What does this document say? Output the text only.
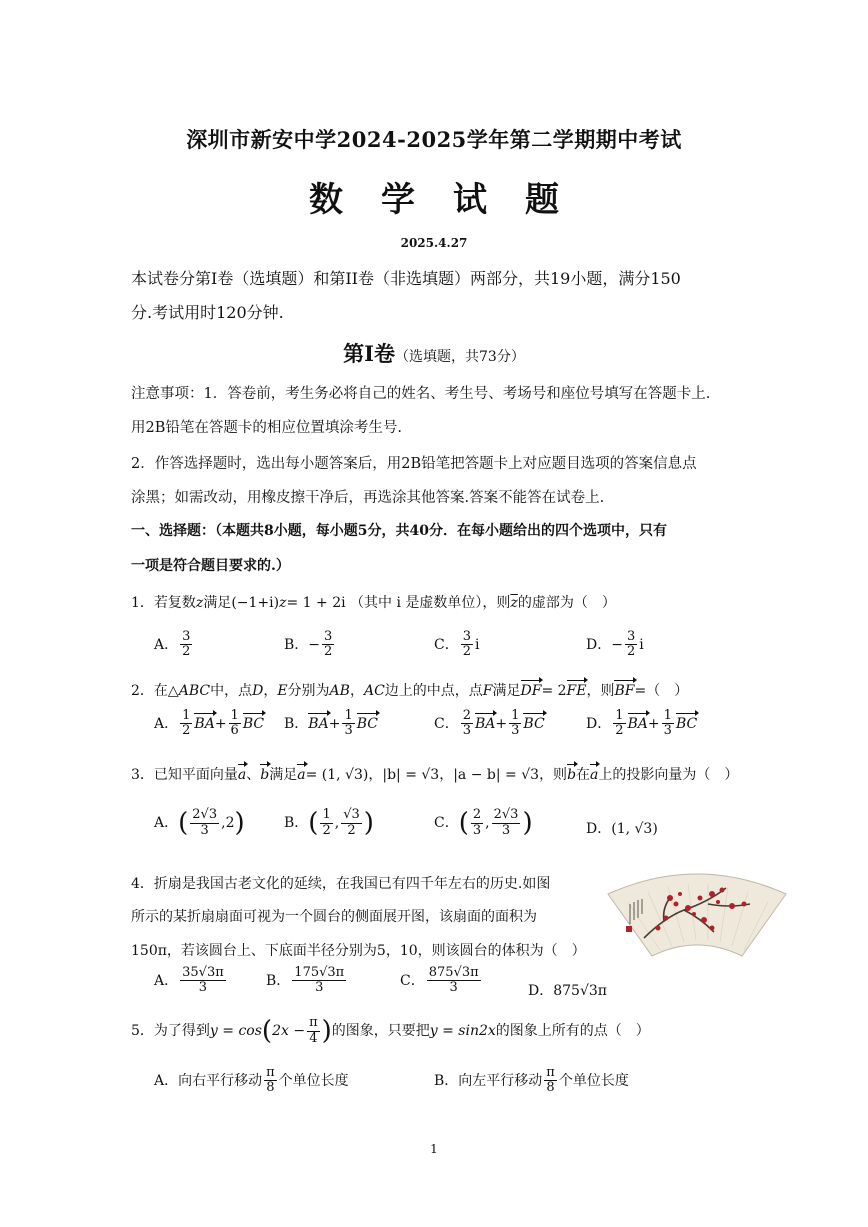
深圳市新安中学2024-2025学年第二学期期中考试
数学试题
2025.4.27
本试卷分第I卷（选填题）和第II卷（非选填题）两部分，共19小题，满分150
分.考试用时120分钟.
第I卷（选填题，共73分）
注意事项：1．答卷前，考生务必将自己的姓名、考生号、考场号和座位号填写在答题卡上.
用2B铅笔在答题卡的相应位置填涂考生号.
2．作答选择题时，选出每小题答案后，用2B铅笔把答题卡上对应题目选项的答案信息点
涂黑；如需改动，用橡皮擦干净后，再选涂其他答案.答案不能答在试卷上.
一、选择题：（本题共8小题，每小题5分，共40分．在每小题给出的四个选项中，只有
一项是符合题目要求的.）
1．若复数z满足(−1+i)z= 1 + 2i （其中 i 是虚数单位），则$\overline{z}$的虚部为（　）
A． $\frac{3}{2}$	B．− $\frac{3}{2}$	C． $\frac{3}{2}$ i	D．− $\frac{3}{2}$ i
2．在△ABC中，点D，E分别为AB，AC边上的中点，点F满足DF= 2FE，则BF=（　）
A． $\frac{1}{2} BA+ \frac{1}{6}$ BC B．$BA+ \frac{1}{3}$ BC	C． $\frac{2}{3} BA+ \frac{1}{3}$ BC	D． $\frac{1}{2} BA+ \frac{1}{3}$ BC
3．已知平面向量a、b满足a= (1, √3)，|b| = √3，|a − b| = √3，则b在a上的投影向量为（　）
A．( $\frac{2√3}{3} ,2$)	B．( $\frac{1}{2}$ , $\frac{√3}{2}$ )	C．( $\frac{2}{3}$ , $\frac{2√3}{3}$ )	D．(1, √3)
4．折扇是我国古老文化的延续，在我国已有四千年左右的历史.如图
所示的某折扇扇面可视为一个圆台的侧面展开图，该扇面的面积为
150π，若该圆台上、下底面半径分别为5，10，则该圆台的体积为（　）
A． $\frac{35√3\pi}{3}$	B． $\frac{175√3\pi}{3}$	C． $\frac{875√3\pi}{3}$	D．875√3π
5．为了得到$y = \cos(2x - \frac{\pi}{4}$ )的图象，只要把y = sin2x的图象上所有的点（　）
A．向右平行移动 $\frac{\pi}{8}$ 个单位长度	B．向左平行移动 $\frac{\pi}{8}$ 个单位长度
1
